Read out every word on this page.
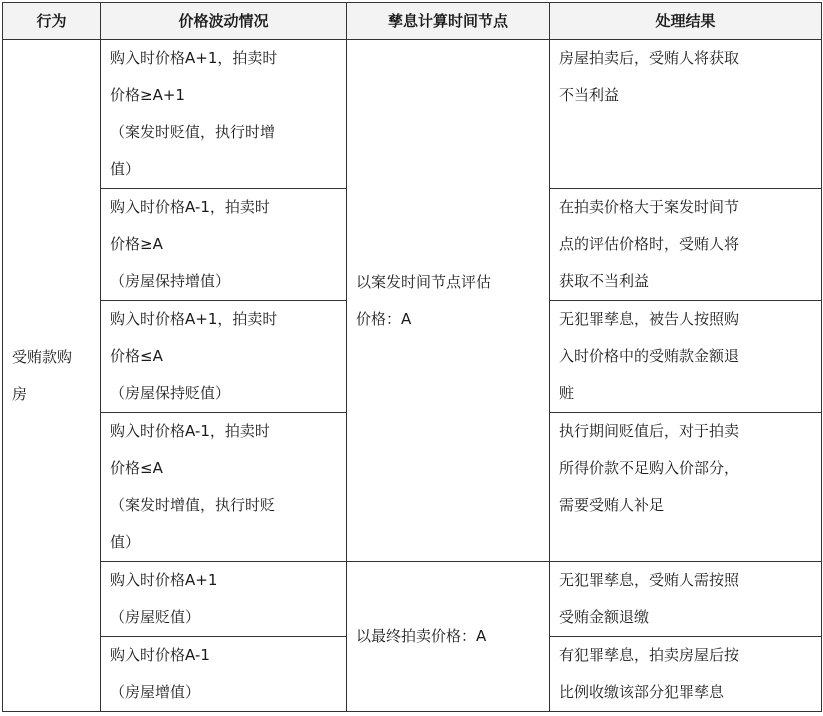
行为	价格波动情况	孳息计算时间节点	处理结果

受贿款购
房	购入时价格A+1，拍卖时
价格≥A+1
（案发时贬值，执行时增
值）	以案发时间节点评估
价格：A	房屋拍卖后，受贿人将获取
不当利益

	购入时价格A-1，拍卖时
价格≥A
（房屋保持增值）		在拍卖价格大于案发时间节
点的评估价格时，受贿人将
获取不当利益

	购入时价格A+1，拍卖时
价格≤A
（房屋保持贬值）		无犯罪孳息，被告人按照购
入时价格中的受贿款金额退
赃

	购入时价格A-1，拍卖时
价格≤A
（案发时增值，执行时贬
值）		执行期间贬值后，对于拍卖
所得价款不足购入价部分，
需要受贿人补足

	购入时价格A+1
（房屋贬值）	以最终拍卖价格：A	无犯罪孳息，受贿人需按照
受贿金额退缴

	购入时价格A-1
（房屋增值）		有犯罪孳息，拍卖房屋后按
比例收缴该部分犯罪孳息
